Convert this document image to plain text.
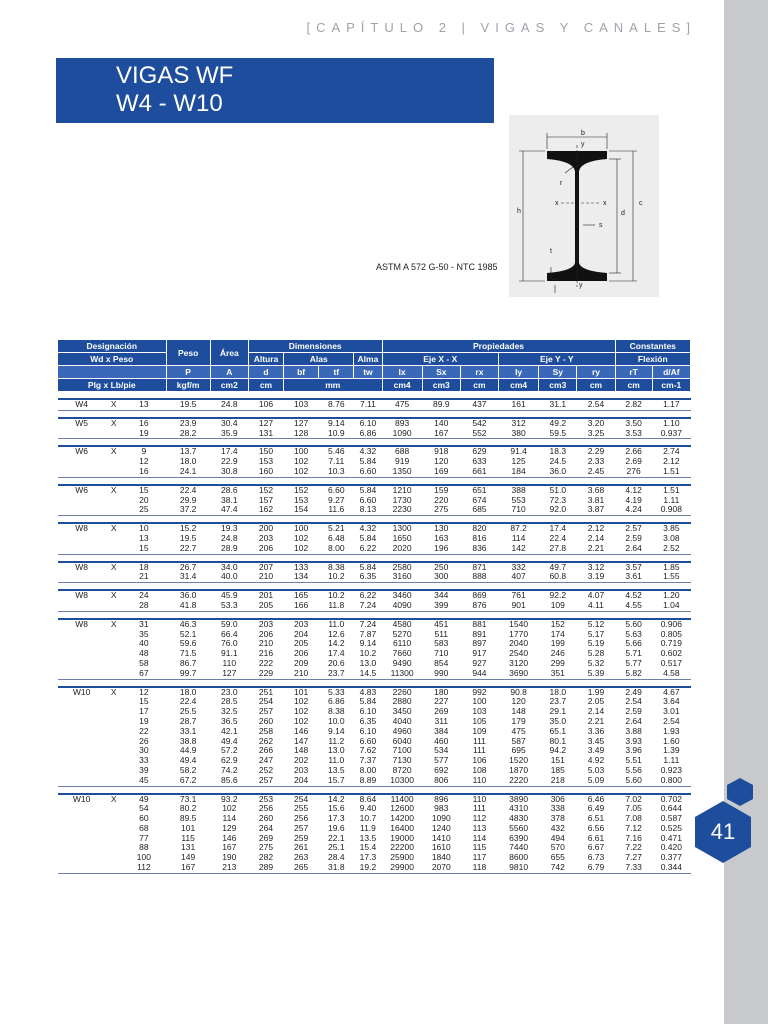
[CAPÍTULO 2 | VIGAS Y CANALES]
VIGAS WF
W4 - W10
b
y
r
x	x
h	d
c
s
t
y
ASTM A 572 G-50 - NTC 1985
41
Designación			Peso	Área	Dimensiones				Propiedades						Constantes	
Wd x Peso					Altura	Alas		Alma	Eje X - X			Eje Y - Y			Flexión	
			P	A	d	bf	tf	tw	Ix	Sx	rx	Iy	Sy	ry	rT	d/Af
Plg x Lb/pie			kgf/m	cm2	cm	mm			cm4	cm3	cm	cm4	cm3	cm	cm	cm-1

W4	X	13	19.5	24.8	106	103	8.76	7.11	475	89.9	437	161	31.1	2.54	2.82	1.17

W5	X	16	23.9	30.4	127	127	9.14	6.10	893	140	542	312	49.2	3.20	3.50	1.10
		19	28.2	35.9	131	128	10.9	6.86	1090	167	552	380	59.5	3.25	3.53	0.937

W6	X	9	13.7	17.4	150	100	5.46	4.32	688	918	629	91.4	18.3	2.29	2.66	2.74
		12	18.0	22.9	153	102	7.11	5.84	919	120	633	125	24.5	2.33	2.69	2.12
		16	24.1	30.8	160	102	10.3	6.60	1350	169	661	184	36.0	2.45	276	1.51

W6	X	15	22.4	28.6	152	152	6.60	5.84	1210	159	651	388	51.0	3.68	4.12	1.51
		20	29.9	38.1	157	153	9.27	6.60	1730	220	674	553	72.3	3.81	4.19	1.11
		25	37.2	47.4	162	154	11.6	8.13	2230	275	685	710	92.0	3.87	4.24	0.908

W8	X	10	15.2	19.3	200	100	5.21	4.32	1300	130	820	87.2	17.4	2.12	2.57	3.85
		13	19.5	24.8	203	102	6.48	5.84	1650	163	816	114	22.4	2.14	2.59	3.08
		15	22.7	28.9	206	102	8.00	6.22	2020	196	836	142	27.8	2.21	2.64	2.52

W8	X	18	26.7	34.0	207	133	8.38	5.84	2580	250	871	332	49.7	3.12	3.57	1.85
		21	31.4	40.0	210	134	10.2	6.35	3160	300	888	407	60.8	3.19	3.61	1.55

W8	X	24	36.0	45.9	201	165	10.2	6.22	3460	344	869	761	92.2	4.07	4.52	1.20
		28	41.8	53.3	205	166	11.8	7.24	4090	399	876	901	109	4.11	4.55	1.04

W8	X	31	46.3	59.0	203	203	11.0	7.24	4580	451	881	1540	152	5.12	5.60	0.906
		35	52.1	66.4	206	204	12.6	7.87	5270	511	891	1770	174	5.17	5.63	0.805
		40	59.6	76.0	210	205	14.2	9.14	6110	583	897	2040	199	5.19	5.66	0.719
		48	71.5	91.1	216	206	17.4	10.2	7660	710	917	2540	246	5.28	5.71	0.602
		58	86.7	110	222	209	20.6	13.0	9490	854	927	3120	299	5.32	5.77	0.517
		67	99.7	127	229	210	23.7	14.5	11300	990	944	3690	351	5.39	5.82	4.58

W10	X	12	18.0	23.0	251	101	5.33	4.83	2260	180	992	90.8	18.0	1.99	2.49	4.67
		15	22.4	28.5	254	102	6.86	5.84	2880	227	100	120	23.7	2.05	2.54	3.64
		17	25.5	32.5	257	102	8.38	6.10	3450	269	103	148	29.1	2.14	2.59	3.01
		19	28.7	36.5	260	102	10.0	6.35	4040	311	105	179	35.0	2.21	2.64	2.54
		22	33.1	42.1	258	146	9.14	6.10	4960	384	109	475	65.1	3.36	3.88	1.93
		26	38.8	49.4	262	147	11.2	6.60	6040	460	111	587	80.1	3.45	3.93	1.60
		30	44.9	57.2	266	148	13.0	7.62	7100	534	111	695	94.2	3.49	3.96	1.39
		33	49.4	62.9	247	202	11.0	7.37	7130	577	106	1520	151	4.92	5.51	1.11
		39	58.2	74.2	252	203	13.5	8.00	8720	692	108	1870	185	5.03	5.56	0.923
		45	67.2	85.6	257	204	15.7	8.89	10300	806	110	2220	218	5.09	5.60	0.800

W10	X	49	73.1	93.2	253	254	14.2	8.64	11400	896	110	3890	306	6.46	7.02	0.702
		54	80.2	102	256	255	15.6	9.40	12600	983	111	4310	338	6.49	7.05	0.644
		60	89.5	114	260	256	17.3	10.7	14200	1090	112	4830	378	6.51	7.08	0.587
		68	101	129	264	257	19.6	11.9	16400	1240	113	5560	432	6.56	7.12	0.525
		77	115	146	269	259	22.1	13.5	19000	1410	114	6390	494	6.61	7.16	0.471
		88	131	167	275	261	25.1	15.4	22200	1610	115	7440	570	6.67	7.22	0.420
		100	149	190	282	263	28.4	17.3	25900	1840	117	8600	655	6.73	7.27	0.377
		112	167	213	289	265	31.8	19.2	29900	2070	118	9810	742	6.79	7.33	0.344
